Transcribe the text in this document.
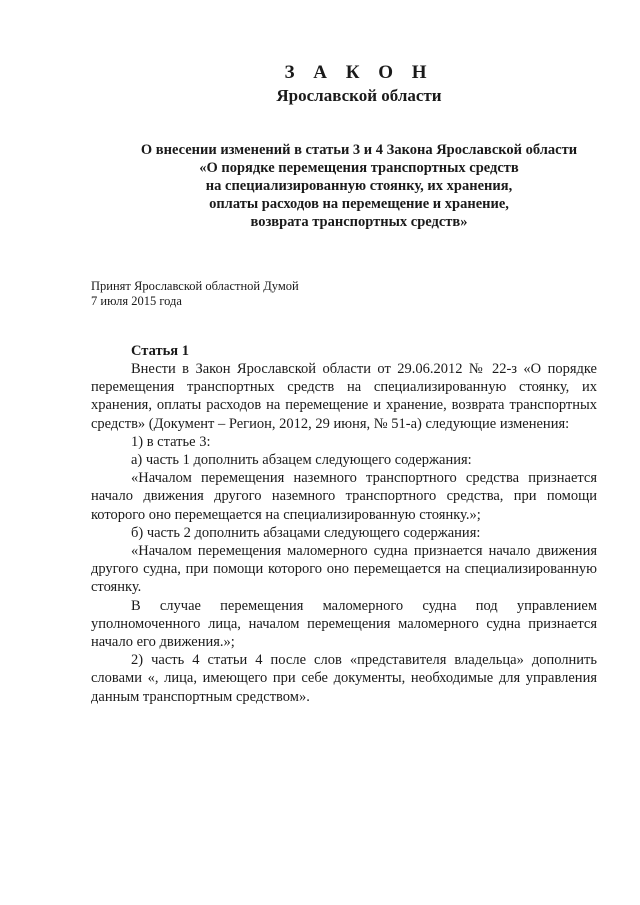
З А К О Н
Ярославской области
О внесении изменений в статьи 3 и 4 Закона Ярославской области
«О порядке перемещения транспортных средств
на специализированную стоянку, их хранения,
оплаты расходов на перемещение и хранение,
возврата транспортных средств»
Принят Ярославской областной Думой
7 июля 2015 года
Статья 1

Внести в Закон Ярославской области от 29.06.2012 № 22-з «О порядке перемещения транспортных средств на специализированную стоянку, их хранения, оплаты расходов на перемещение и хранение, возврата транспортных средств» (Документ – Регион, 2012, 29 июня, № 51-а) следующие изменения:

1) в статье 3:

а) часть 1 дополнить абзацем следующего содержания:

«Началом перемещения наземного транспортного средства признается начало движения другого наземного транспортного средства, при помощи которого оно перемещается на специализированную стоянку.»;

б) часть 2 дополнить абзацами следующего содержания:

«Началом перемещения маломерного судна признается начало движения другого судна, при помощи которого оно перемещается на специализированную стоянку.

В случае перемещения маломерного судна под управлением уполномоченного лица, началом перемещения маломерного судна признается начало его движения.»;

2) часть 4 статьи 4 после слов «представителя владельца» дополнить словами «, лица, имеющего при себе документы, необходимые для управления данным транспортным средством».
